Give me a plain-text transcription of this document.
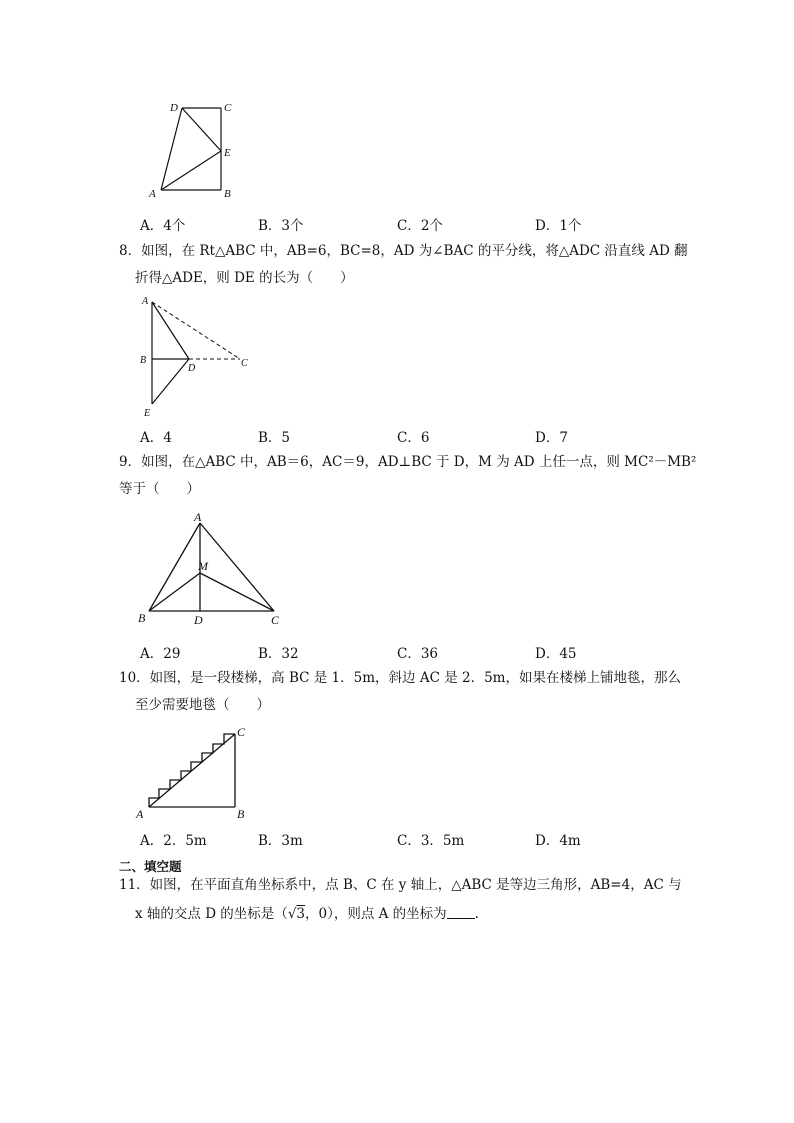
D	C
E
A	B
A．4个	B．3个	C．2个	D．1个
8．如图，在 Rt△ABC 中，AB=6，BC=8，AD 为∠BAC 的平分线，将△ADC 沿直线 AD 翻
折得△ADE，则 DE 的长为（　　）
A
B	C
D
E
A．4	B．5	C．6	D．7
9．如图，在△ABC 中，AB＝6，AC＝9，AD⊥BC 于 D，M 为 AD 上任一点，则 MC²－MB²
等于（　　）
A
M
B	D	C
A．29	B．32	C．36	D．45
10．如图，是一段楼梯，高 BC 是 1．5m，斜边 AC 是 2．5m，如果在楼梯上铺地毯，那么
至少需要地毯（　　）
A	B
C
A．2．5m	B．3m	C．3．5m	D．4m
二、填空题
11．如图，在平面直角坐标系中，点 B、C 在 y 轴上，△ABC 是等边三角形，AB=4，AC 与
x 轴的交点 D 的坐标是（√3，0），则点 A 的坐标为 ．
